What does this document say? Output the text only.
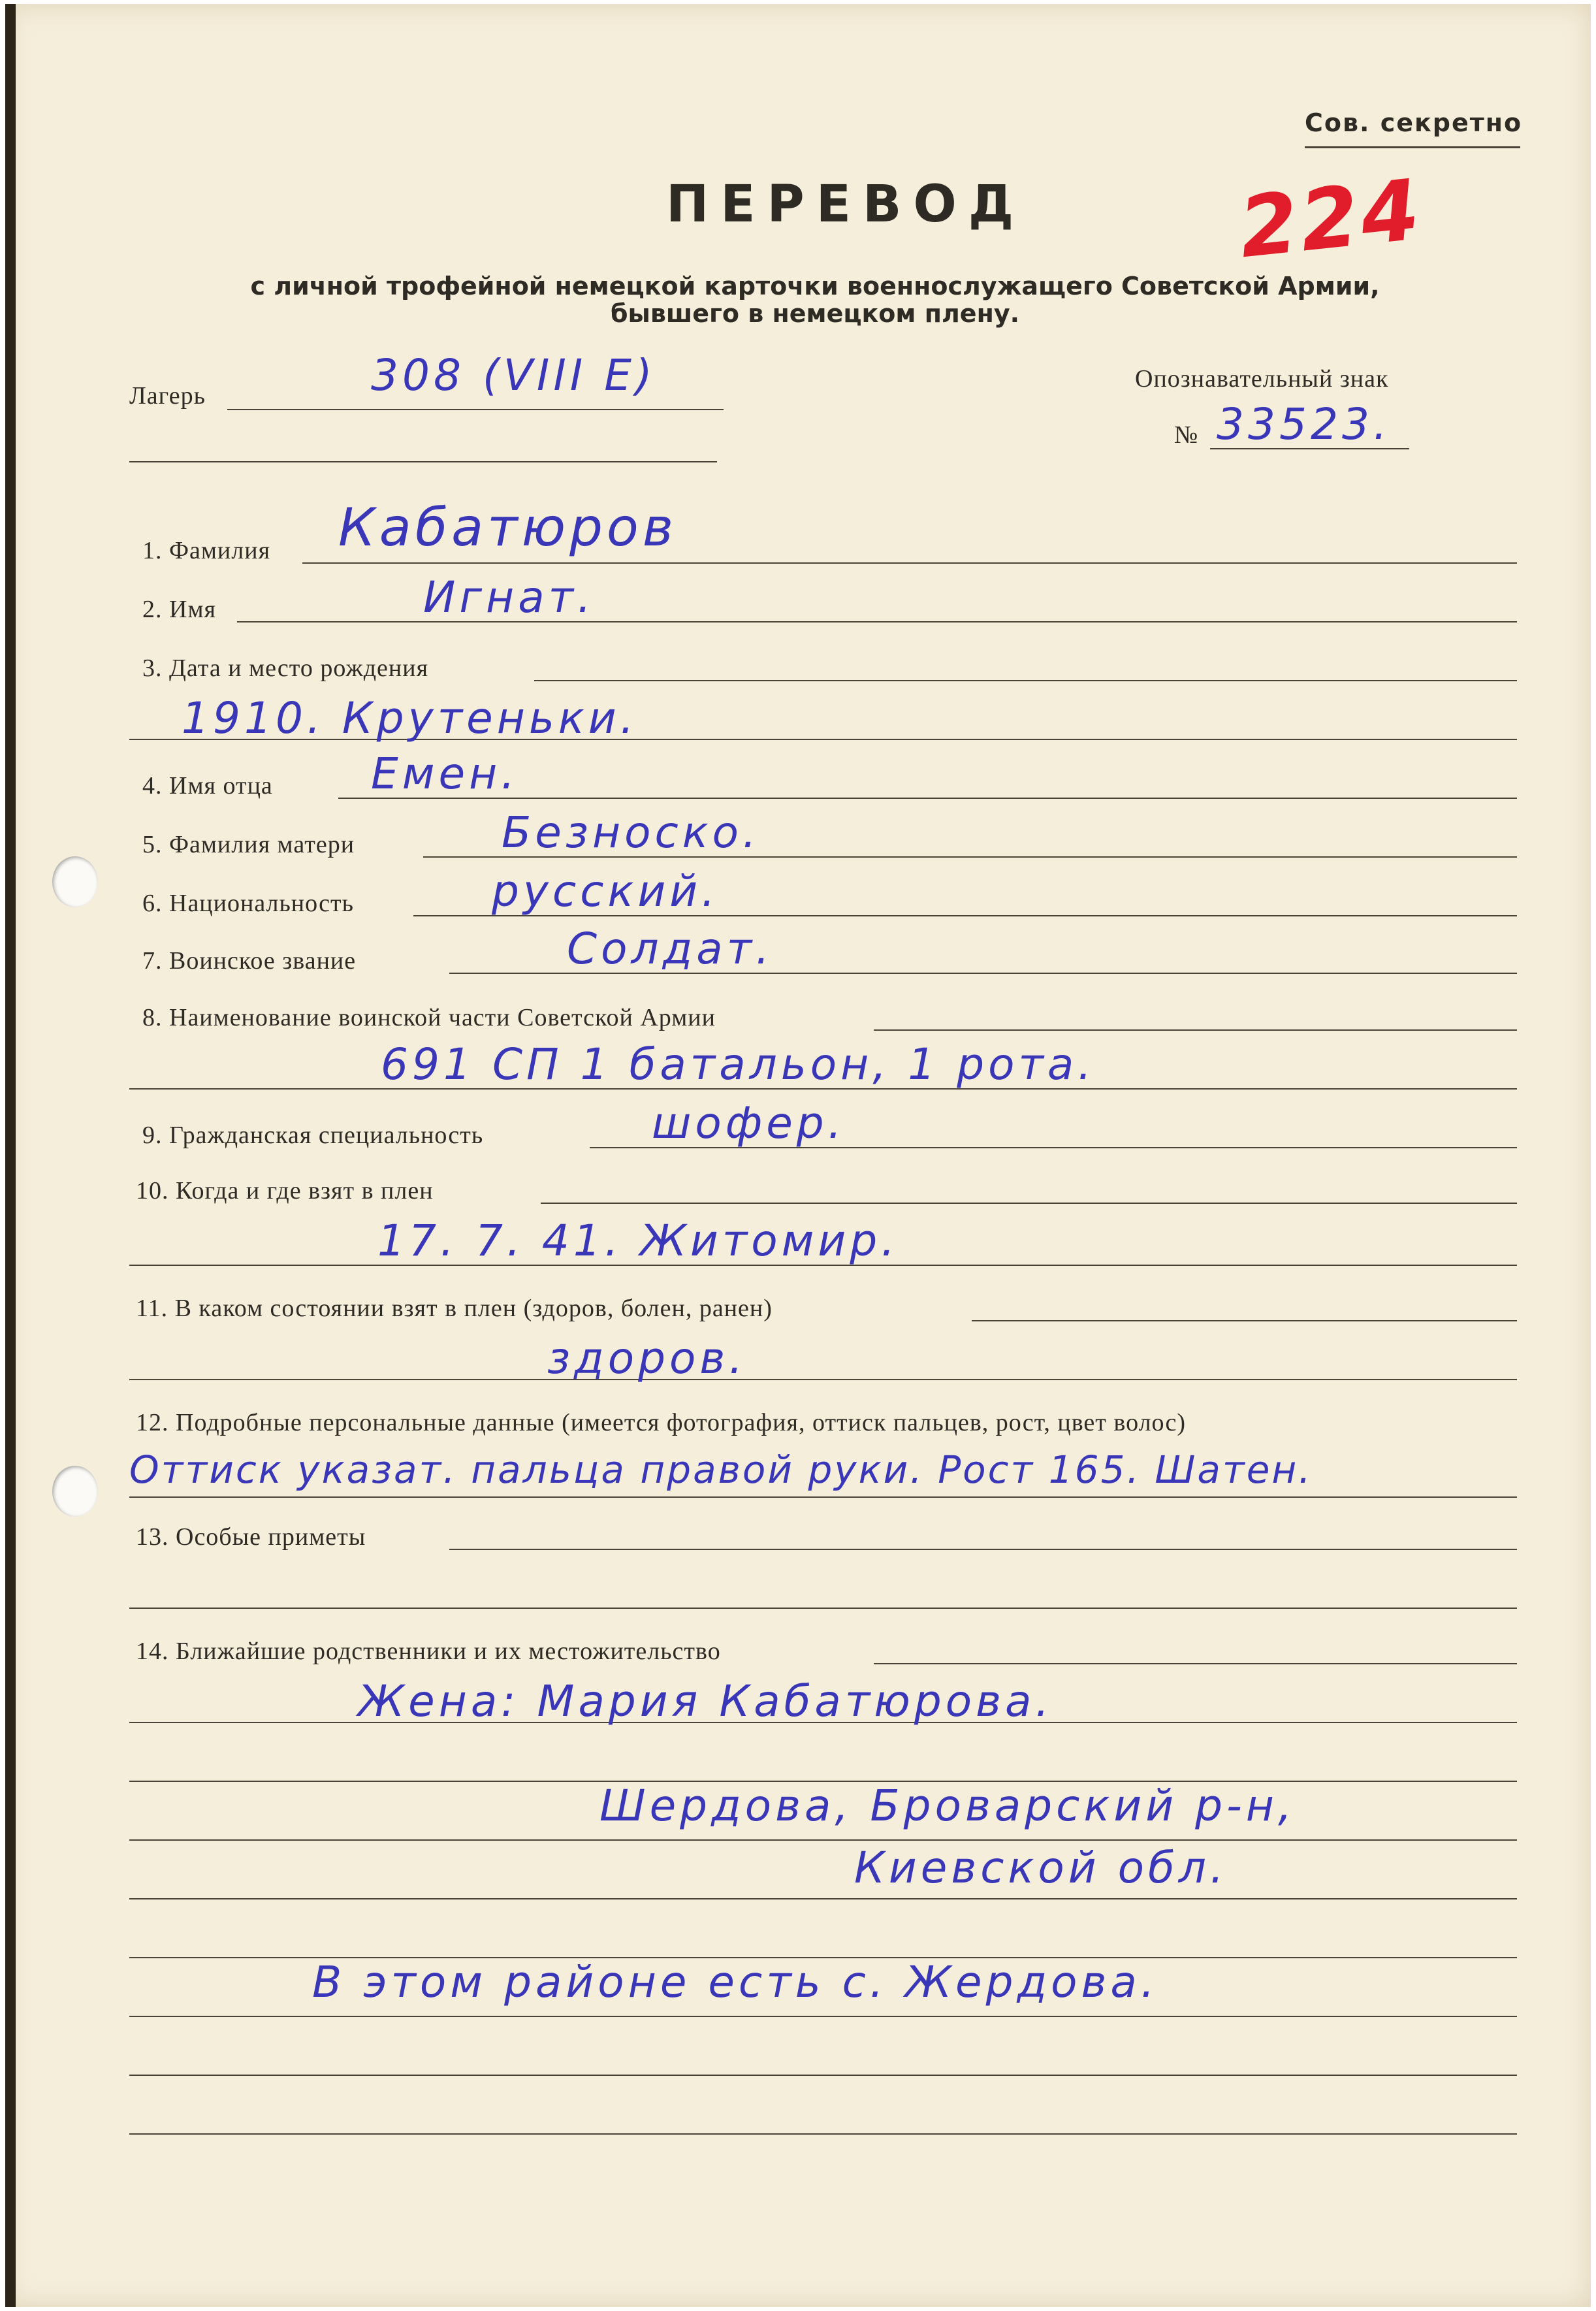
Сов. секретно
224
ПЕРЕВОД
с личной трофейной немецкой карточки военнослужащего Советской Армии,
бывшего в немецком плену.
Лагерь	308 (VIII E)	Опознавательный знак
№ 33523.
1. Фамилия Кабатюров
2. Имя	Игнат.
3. Дата и место рождения
1910. Крутеньки.
4. Имя отца Емен.
5. Фамилия матери	Безноско.
6. Национальность	русский.
7. Воинское звание	Солдат.
8. Наименование воинской части Советской Армии
691 СП 1 батальон, 1 рота.
9. Гражданская специальность	шофер.
10. Когда и где взят в плен
17. 7. 41. Житомир.
11. В каком состоянии взят в плен (здоров, болен, ранен)
здоров.
12. Подробные персональные данные (имеется фотография, оттиск пальцев, рост, цвет волос)
Оттиск указат. пальца правой руки. Рост 165. Шатен.
13. Особые приметы
14. Ближайшие родственники и их местожительство
Жена: Мария Кабатюрова.
Шердова, Броварский р-н,
Киевской обл.
В этом районе есть с. Жердова.
